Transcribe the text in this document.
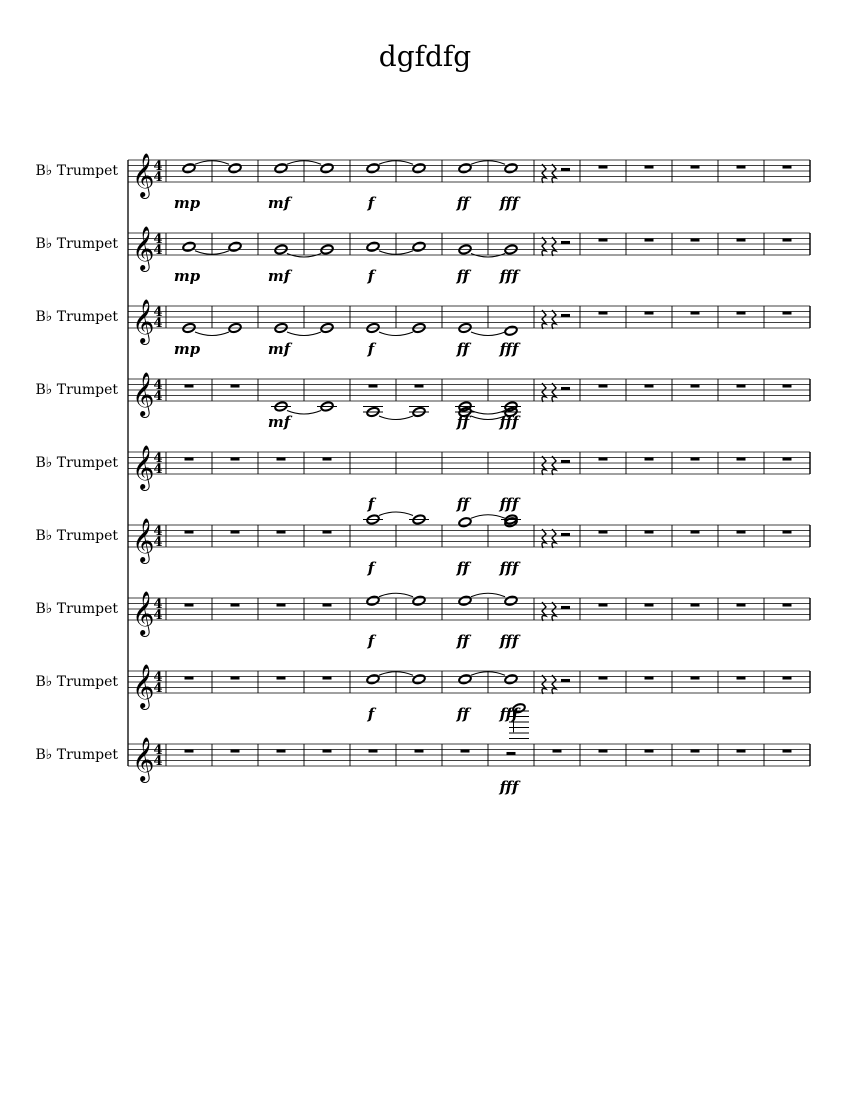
dgfdfg
B♭ Trumpet 𝄞 4
4
mp	mf	f	ff fff
B♭ Trumpet 𝄞 4
4
mp	mf	f	ff fff
B♭ Trumpet 𝄞 4
4
mp	mf	f	ff fff
B♭ Trumpet 𝄞 4
4
mf	ff fff
B♭ Trumpet 𝄞 4
4
B♭ Trumpet 𝄞 4
4
f	ff fff
f	ff fff
B♭ Trumpet 𝄞 4
4
f	ff fff
B♭ Trumpet 𝄞 4
4
f	ff fff
B♭ Trumpet 𝄞 4
4
fff
